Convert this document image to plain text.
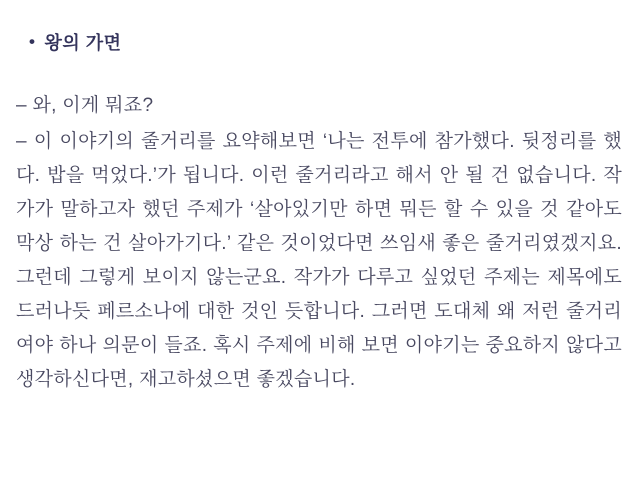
• 왕의 가면

– 와, 이게 뭐죠?

– 이 이야기의 줄거리를 요약해보면 ‘나는 전투에 참가했다. 뒷정리를 했다. 밥을 먹었다.’가 됩니다. 이런 줄거리라고 해서 안 될 건 없습니다. 작가가 말하고자 했던 주제가 ‘살아있기만 하면 뭐든 할 수 있을 것 같아도 막상 하는 건 살아가기다.’ 같은 것이었다면 쓰임새 좋은 줄거리였겠지요. 그런데 그렇게 보이지 않는군요. 작가가 다루고 싶었던 주제는 제목에도 드러나듯 페르소나에 대한 것인 듯합니다. 그러면 도대체 왜 저런 줄거리여야 하나 의문이 들죠. 혹시 주제에 비해 보면 이야기는 중요하지 않다고 생각하신다면, 재고하셨으면 좋겠습니다.
